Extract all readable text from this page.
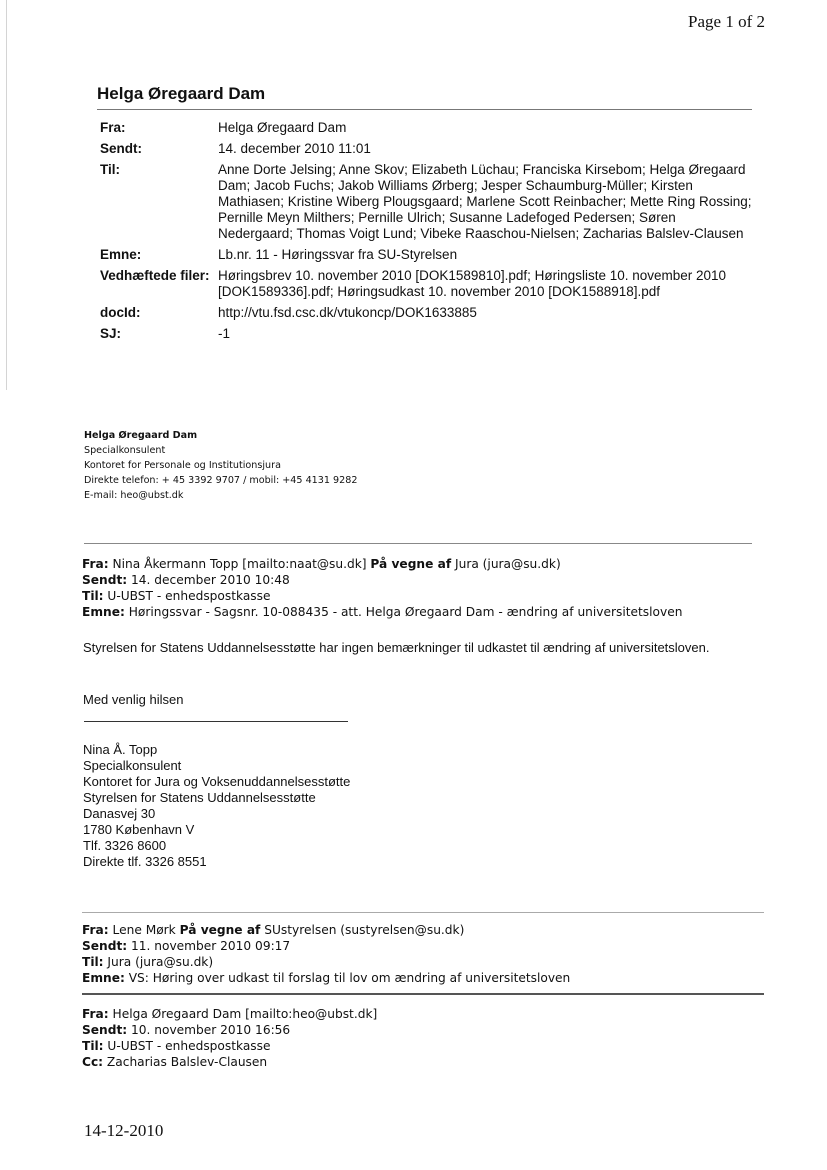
Page 1 of 2
Helga Øregaard Dam
Fra:	Helga Øregaard Dam
Sendt:	14. december 2010 11:01
Til:	Anne Dorte Jelsing; Anne Skov; Elizabeth Lüchau; Franciska Kirsebom; Helga Øregaard Dam; Jacob Fuchs; Jakob Williams Ørberg; Jesper Schaumburg-Müller; Kirsten Mathiasen; Kristine Wiberg Plougsgaard; Marlene Scott Reinbacher; Mette Ring Rossing; Pernille Meyn Milthers; Pernille Ulrich; Susanne Ladefoged Pedersen; Søren Nedergaard; Thomas Voigt Lund; Vibeke Raaschou-Nielsen; Zacharias Balslev-Clausen
Emne:	Lb.nr. 11 - Høringssvar fra SU-Styrelsen
Vedhæftede filer: Høringsbrev 10. november 2010 [DOK1589810].pdf; Høringsliste 10. november 2010 [DOK1589336].pdf; Høringsudkast 10. november 2010 [DOK1588918].pdf
docId:	http://vtu.fsd.csc.dk/vtukoncp/DOK1633885
SJ:	-1
Helga Øregaard Dam
Specialkonsulent
Kontoret for Personale og Institutionsjura
Direkte telefon: + 45 3392 9707 / mobil: +45 4131 9282
E-mail: heo@ubst.dk
Fra: Nina Åkermann Topp [mailto:naat@su.dk] På vegne af Jura (jura@su.dk)
Sendt: 14. december 2010 10:48
Til: U-UBST - enhedspostkasse
Emne: Høringssvar - Sagsnr. 10-088435 - att. Helga Øregaard Dam - ændring af universitetsloven
Styrelsen for Statens Uddannelsesstøtte har ingen bemærkninger til udkastet til ændring af universitetsloven.
Med venlig hilsen
Nina Å. Topp
Specialkonsulent
Kontoret for Jura og Voksenuddannelsesstøtte
Styrelsen for Statens Uddannelsesstøtte
Danasvej 30
1780 København V
Tlf. 3326 8600
Direkte tlf. 3326 8551
Fra: Lene Mørk På vegne af SUstyrelsen (sustyrelsen@su.dk)
Sendt: 11. november 2010 09:17
Til: Jura (jura@su.dk)
Emne: VS: Høring over udkast til forslag til lov om ændring af universitetsloven
Fra: Helga Øregaard Dam [mailto:heo@ubst.dk]
Sendt: 10. november 2010 16:56
Til: U-UBST - enhedspostkasse
Cc: Zacharias Balslev-Clausen
14-12-2010
